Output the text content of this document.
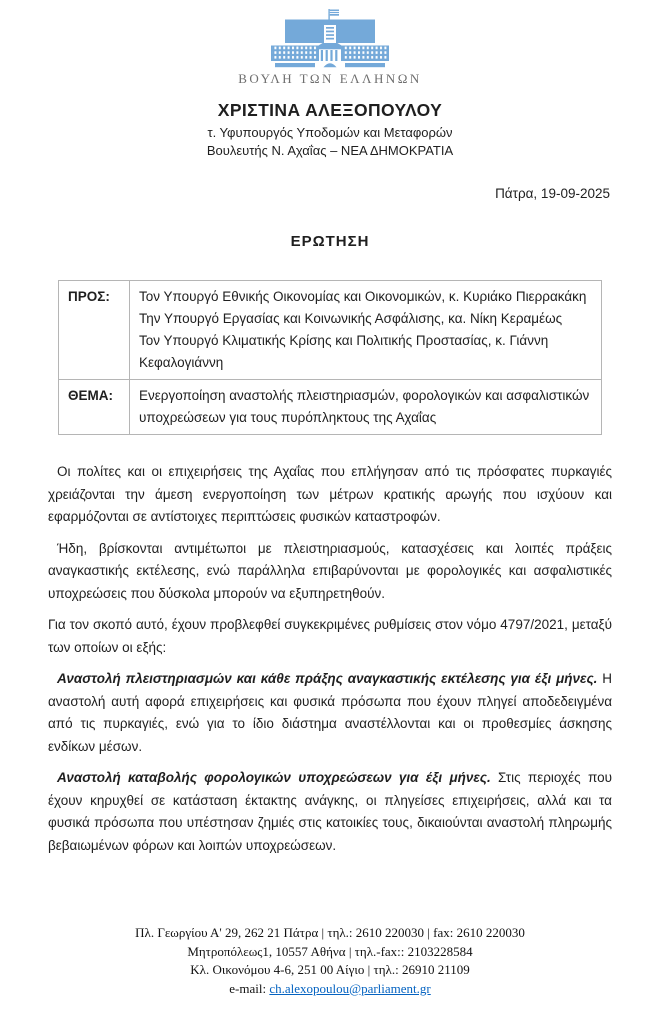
ΒΟΥΛΗ ΤΩΝ ΕΛΛΗΝΩΝ
ΧΡΙΣΤΙΝΑ ΑΛΕΞΟΠΟΥΛΟΥ
τ. Υφυπουργός Υποδομών και Μεταφορών
Βουλευτής Ν. Αχαΐας – ΝΕΑ ΔΗΜΟΚΡΑΤΙΑ
Πάτρα, 19-09-2025
ΕΡΩΤΗΣΗ
ΠΡΟΣ:	Τον Υπουργό Εθνικής Οικονομίας και Οικονομικών, κ. Κυριάκο Πιερρακάκη
Την Υπουργό Εργασίας και Κοινωνικής Ασφάλισης, κα. Νίκη Κεραμέως
Τον Υπουργό Κλιματικής Κρίσης και Πολιτικής Προστασίας, κ. Γιάννη Κεφαλογιάννη

ΘΕΜΑ:	Ενεργοποίηση αναστολής πλειστηριασμών, φορολογικών και ασφαλιστικών υποχρεώσεων για τους πυρόπληκτους της Αχαΐας

Οι πολίτες και οι επιχειρήσεις της Αχαΐας που επλήγησαν από τις πρόσφατες πυρκαγιές χρειάζονται την άμεση ενεργοποίηση των μέτρων κρατικής αρωγής που ισχύουν και εφαρμόζονται σε αντίστοιχες περιπτώσεις φυσικών καταστροφών.

Ήδη, βρίσκονται αντιμέτωποι με πλειστηριασμούς, κατασχέσεις και λοιπές πράξεις αναγκαστικής εκτέλεσης, ενώ παράλληλα επιβαρύνονται με φορολογικές και ασφαλιστικές υποχρεώσεις που δύσκολα μπορούν να εξυπηρετηθούν.

Για τον σκοπό αυτό, έχουν προβλεφθεί συγκεκριμένες ρυθμίσεις στον νόμο 4797/2021, μεταξύ των οποίων οι εξής:

Αναστολή πλειστηριασμών και κάθε πράξης αναγκαστικής εκτέλεσης για έξι μήνες. Η αναστολή αυτή αφορά επιχειρήσεις και φυσικά πρόσωπα που έχουν πληγεί αποδεδειγμένα από τις πυρκαγιές, ενώ για το ίδιο διάστημα αναστέλλονται και οι προθεσμίες άσκησης ενδίκων μέσων.

Αναστολή καταβολής φορολογικών υποχρεώσεων για έξι μήνες. Στις περιοχές που έχουν κηρυχθεί σε κατάσταση έκτακτης ανάγκης, οι πληγείσες επιχειρήσεις, αλλά και τα φυσικά πρόσωπα που υπέστησαν ζημιές στις κατοικίες τους, δικαιούνται αναστολή πληρωμής βεβαιωμένων φόρων και λοιπών υποχρεώσεων.

Πλ. Γεωργίου Α' 29, 262 21 Πάτρα | τηλ.: 2610 220030 | fax: 2610 220030
Μητροπόλεως1, 10557 Αθήνα | τηλ.-fax:: 2103228584
Κλ. Οικονόμου 4-6, 251 00 Αίγιο | τηλ.: 26910 21109
e-mail: ch.alexopoulou@parliament.gr
